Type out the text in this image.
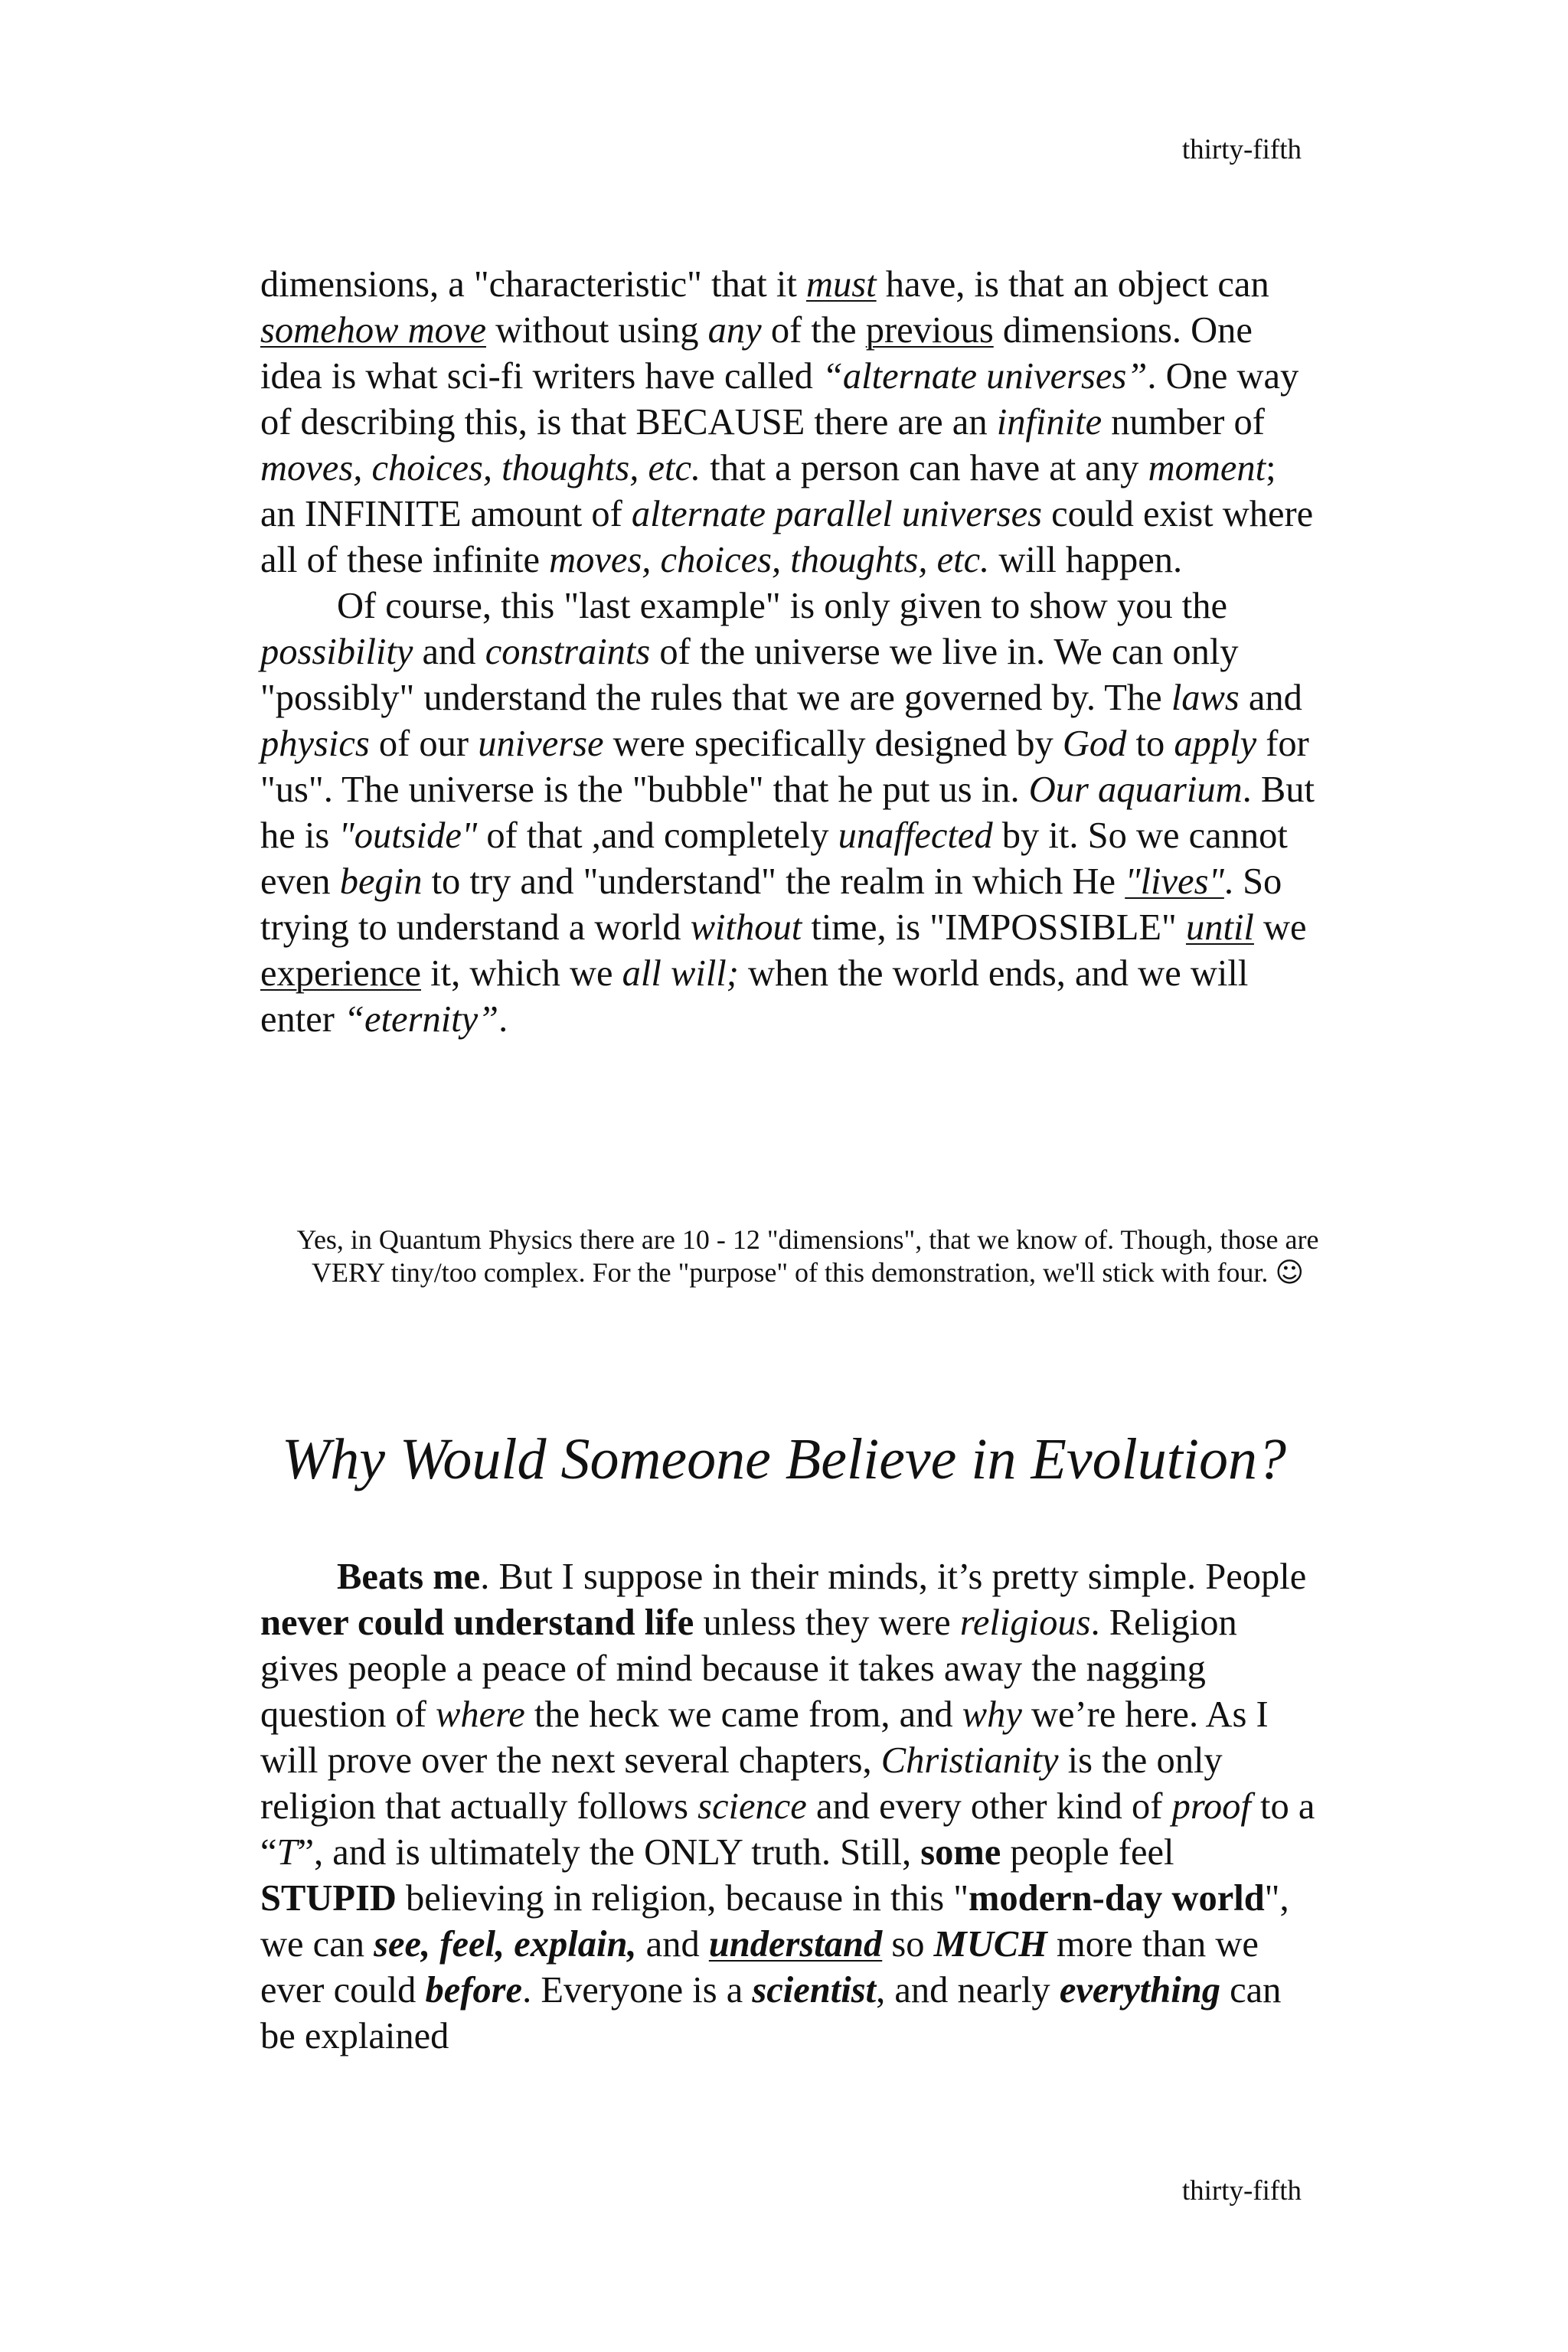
thirty-fifth

dimensions, a "characteristic" that it must have, is that an object can somehow move without using any of the previous dimensions. One idea is what sci-fi writers have called “alternate universes”. One way of describing this, is that BECAUSE there are an infinite number of moves, choices, thoughts, etc. that a person can have at any moment; an INFINITE amount of alternate parallel universes could exist where all of these infinite moves, choices, thoughts, etc. will happen.

Of course, this "last example" is only given to show you the possibility and constraints of the universe we live in. We can only "possibly" understand the rules that we are governed by. The laws and physics of our universe were specifically designed by God to apply for "us". The universe is the "bubble" that he put us in. Our aquarium. But he is "outside" of that ,and completely unaffected by it. So we cannot even begin to try and "understand" the realm in which He "lives". So trying to understand a world without time, is "IMPOSSIBLE" until we experience it, which we all will; when the world ends, and we will enter “eternity”.

Yes, in Quantum Physics there are 10 - 12 "dimensions", that we know of. Though, those are VERY tiny/too complex. For the "purpose" of this demonstration, we'll stick with four. ☺
Why Would Someone Believe in Evolution?

Beats me. But I suppose in their minds, it’s pretty simple. People never could understand life unless they were religious. Religion gives people a peace of mind because it takes away the nagging question of where the heck we came from, and why we’re here. As I will prove over the next several chapters, Christianity is the only religion that actually follows science and every other kind of proof to a “T”, and is ultimately the ONLY truth. Still, some people feel STUPID believing in religion, because in this "modern-day world", we can see, feel, explain, and understand so MUCH more than we ever could before. Everyone is a scientist, and nearly everything can be explained

thirty-fifth
